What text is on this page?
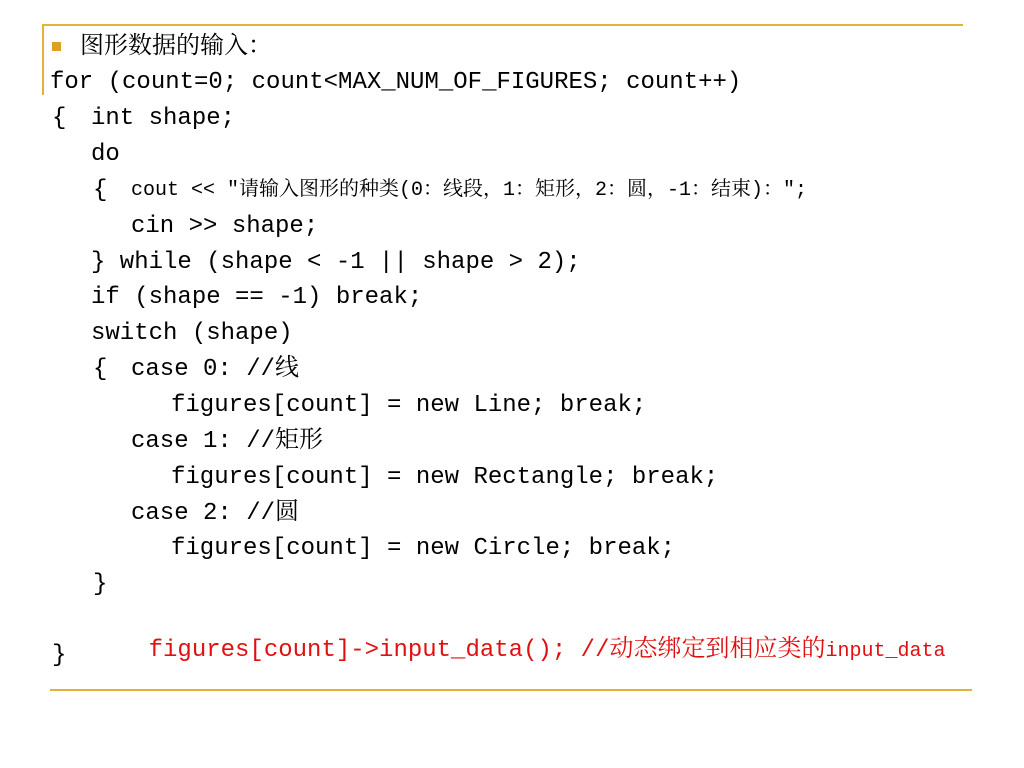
图形数据的输入：

for (count=0; count<MAX_NUM_OF_FIGURES; count++)

{

int shape;

do

{

cout << "请输入图形的种类(0：线段，1：矩形，2：圆，-1：结束)：";

cin >> shape;

} while (shape < -1 || shape > 2);

if (shape == -1) break;

switch (shape)

{

case 0: //线

figures[count] = new Line; break;

case 1: //矩形

figures[count] = new Rectangle; break;

case 2: //圆

figures[count] = new Circle; break;

}

figures[count]->input_data(); //动态绑定到相应类的input_data

}
